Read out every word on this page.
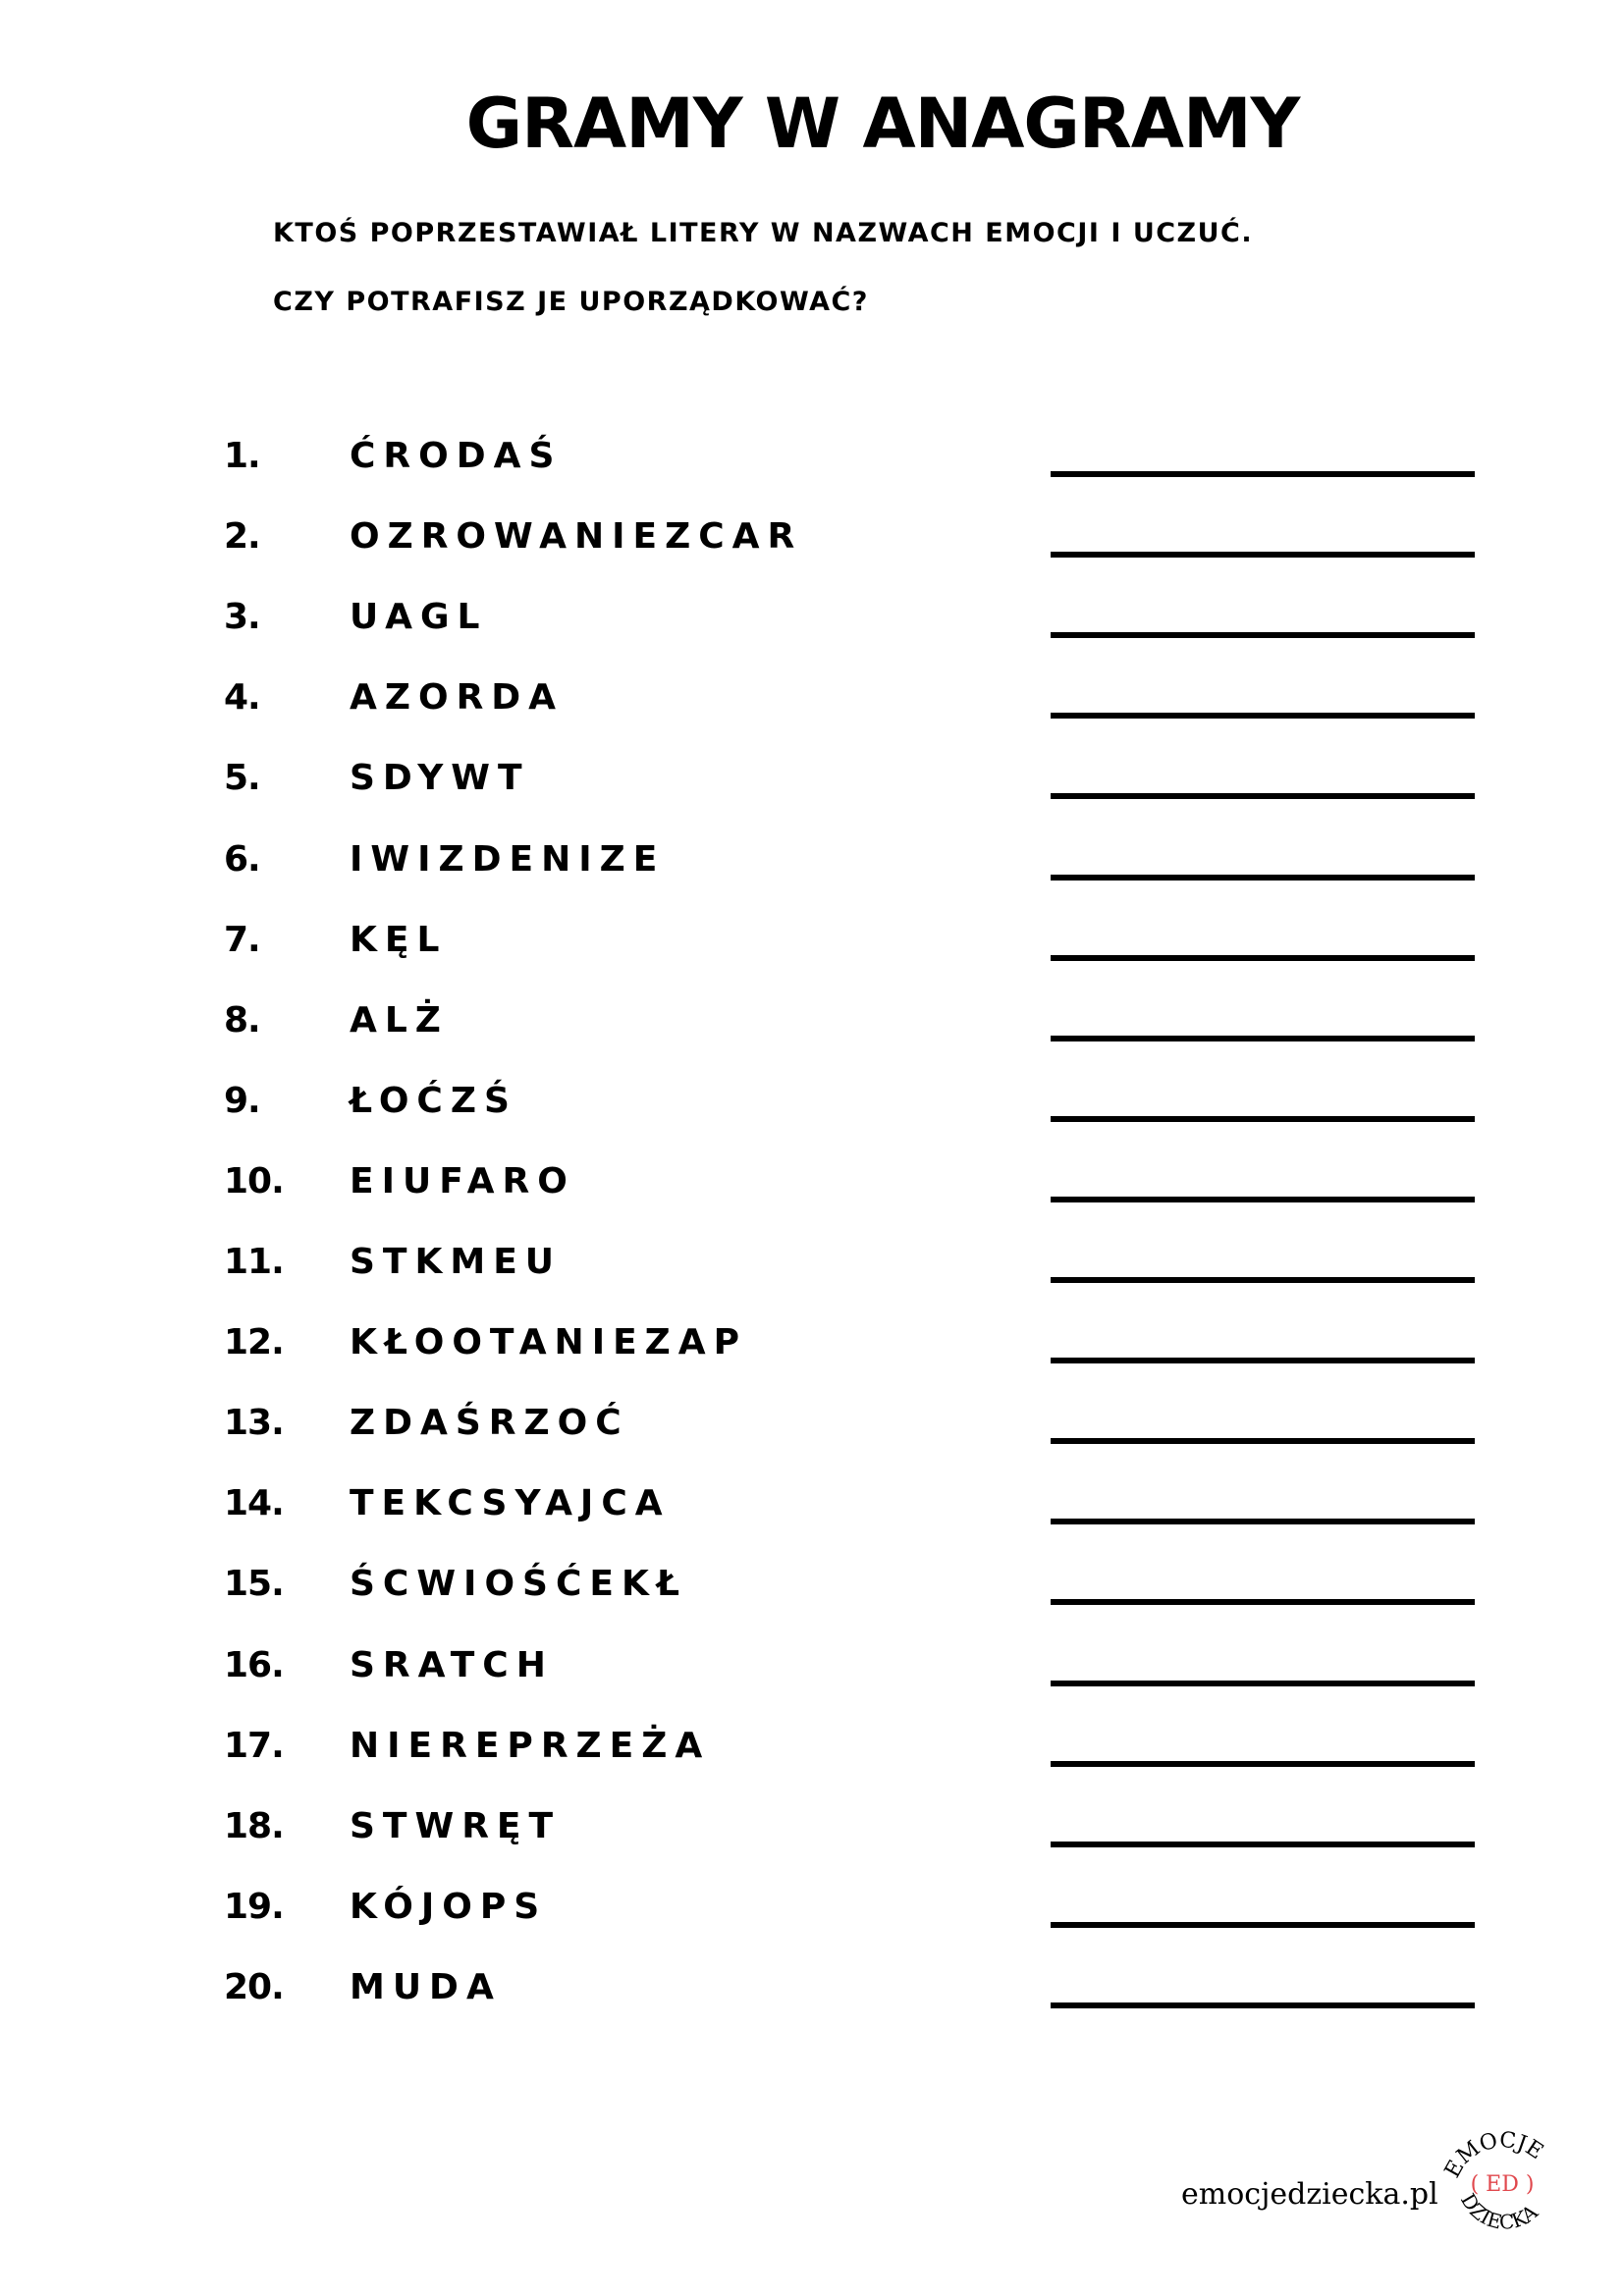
GRAMY W ANAGRAMY

KTOŚ POPRZESTAWIAŁ LITERY W NAZWACH EMOCJI I UCZUĆ.

CZY POTRAFISZ JE UPORZĄDKOWAĆ?

1.	ĆRODAŚ
2.	OZROWANIEZCAR
3.	UAGL
4.	AZORDA
5.	SDYWT
6.	IWIZDENIZE
7.	KĘL
8.	ALŻ
9.	ŁOĆZŚ
10. EIUFARO
11. STKMEU
12. KŁOOTANIEZAP
13. ZDAŚRZOĆ
14. TEKCSYAJCA
15. ŚCWIOŚĆEKŁ
16. SRATCH
17. NIEREPRZEŻA
18. STWRĘT
19. KÓJOPS
20. MUDA
emocjedziecka.pl
EMOCJE
( ED )
DZIECKA
